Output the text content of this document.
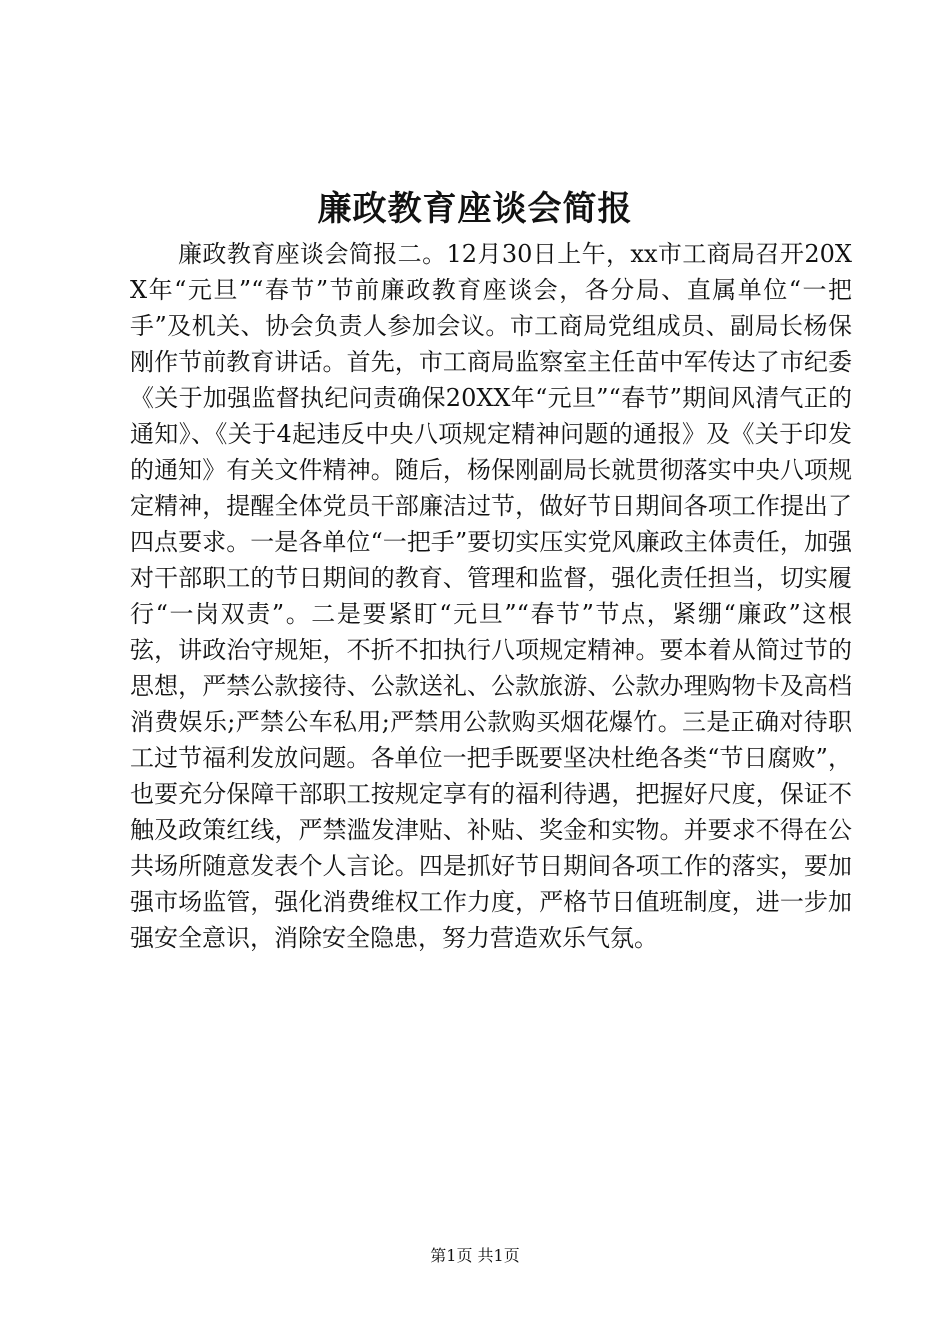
廉政教育座谈会简报

廉政教育座谈会简报二。12月30日上午，xx市工商局召开20XX年“元旦”“春节”节前廉政教育座谈会，各分局、直属单位“一把手”及机关、协会负责人参加会议。市工商局党组成员、副局长杨保刚作节前教育讲话。首先，市工商局监察室主任苗中军传达了市纪委《关于加强监督执纪问责确保20XX年“元旦”“春节”期间风清气正的通知》、《关于4起违反中央八项规定精神问题的通报》及《关于印发的通知》有关文件精神。随后，杨保刚副局长就贯彻落实中央八项规定精神，提醒全体党员干部廉洁过节，做好节日期间各项工作提出了四点要求。一是各单位“一把手”要切实压实党风廉政主体责任，加强对干部职工的节日期间的教育、管理和监督，强化责任担当，切实履行“一岗双责”。二是要紧盯“元旦”“春节”节点，紧绷“廉政”这根弦，讲政治守规矩，不折不扣执行八项规定精神。要本着从简过节的思想，严禁公款接待、公款送礼、公款旅游、公款办理购物卡及高档消费娱乐;严禁公车私用;严禁用公款购买烟花爆竹。三是正确对待职工过节福利发放问题。各单位一把手既要坚决杜绝各类“节日腐败”，也要充分保障干部职工按规定享有的福利待遇，把握好尺度，保证不触及政策红线，严禁滥发津贴、补贴、奖金和实物。并要求不得在公共场所随意发表个人言论。四是抓好节日期间各项工作的落实，要加强市场监管，强化消费维权工作力度，严格节日值班制度，进一步加强安全意识，消除安全隐患，努力营造欢乐气氛。

第1页 共1页
